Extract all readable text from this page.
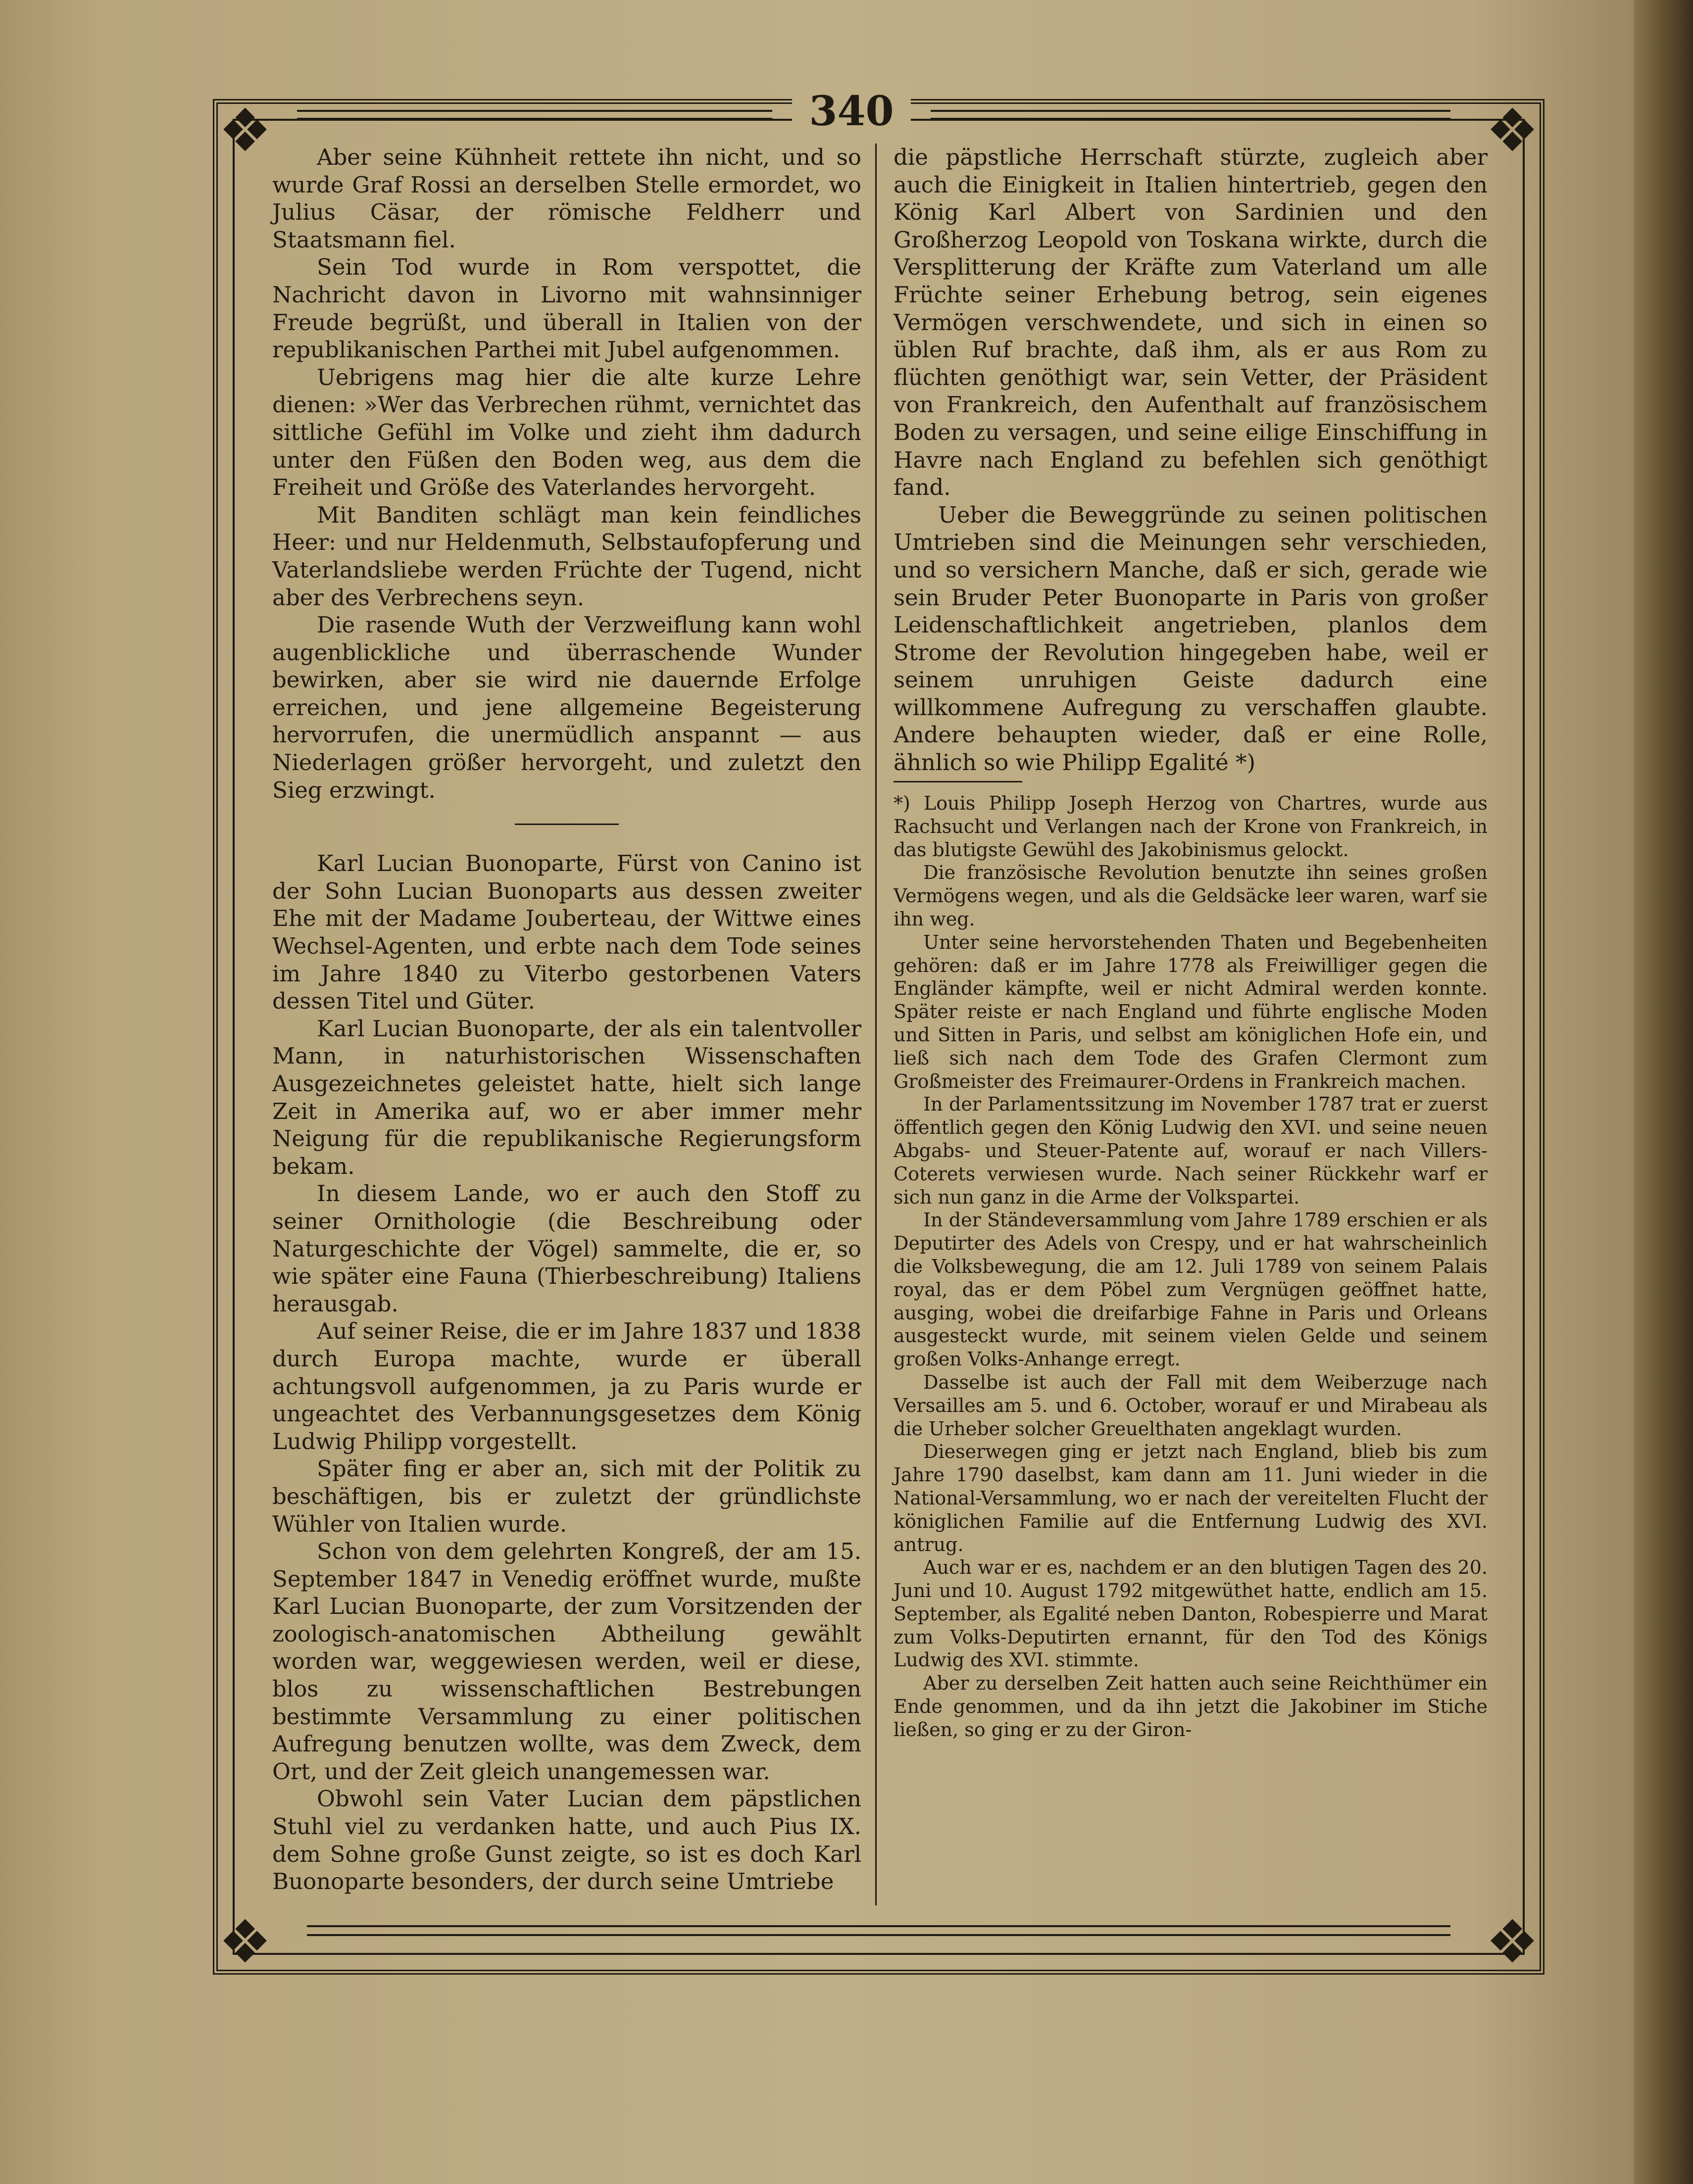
❖	❖
❖	❖
340

Aber seine Kühnheit rettete ihn nicht, und so wurde Graf Rossi an derselben Stelle ermordet, wo Julius Cäsar, der römische Feldherr und Staatsmann fiel.

Sein Tod wurde in Rom verspottet, die Nachricht davon in Livorno mit wahnsinniger Freude begrüßt, und überall in Italien von der republikanischen Parthei mit Jubel aufgenommen.

Uebrigens mag hier die alte kurze Lehre dienen: »Wer das Verbrechen rühmt, vernichtet das sittliche Gefühl im Volke und zieht ihm dadurch unter den Füßen den Boden weg, aus dem die Freiheit und Größe des Vaterlandes hervorgeht.

Mit Banditen schlägt man kein feindliches Heer: und nur Heldenmuth, Selbstaufopferung und Vaterlandsliebe werden Früchte der Tugend, nicht aber des Verbrechens seyn.

Die rasende Wuth der Verzweiflung kann wohl augenblickliche und überraschende Wunder bewirken, aber sie wird nie dauernde Erfolge erreichen, und jene allgemeine Begeisterung hervorrufen, die unermüdlich anspannt — aus Niederlagen größer hervorgeht, und zuletzt den Sieg erzwingt.

Karl Lucian Buonoparte, Fürst von Canino ist der Sohn Lucian Buonoparts aus dessen zweiter Ehe mit der Madame Jouberteau, der Wittwe eines Wechsel-Agenten, und erbte nach dem Tode seines im Jahre 1840 zu Viterbo gestorbenen Vaters dessen Titel und Güter.

Karl Lucian Buonoparte, der als ein talentvoller Mann, in naturhistorischen Wissenschaften Ausgezeichnetes geleistet hatte, hielt sich lange Zeit in Amerika auf, wo er aber immer mehr Neigung für die republikanische Regierungsform bekam.

In diesem Lande, wo er auch den Stoff zu seiner Ornithologie (die Beschreibung oder Naturgeschichte der Vögel) sammelte, die er, so wie später eine Fauna (Thierbeschreibung) Italiens herausgab.

Auf seiner Reise, die er im Jahre 1837 und 1838 durch Europa machte, wurde er überall achtungsvoll aufgenommen, ja zu Paris wurde er ungeachtet des Verbannungsgesetzes dem König Ludwig Philipp vorgestellt.

Später fing er aber an, sich mit der Politik zu beschäftigen, bis er zuletzt der gründlichste Wühler von Italien wurde.

Schon von dem gelehrten Kongreß, der am 15. September 1847 in Venedig eröffnet wurde, mußte Karl Lucian Buonoparte, der zum Vorsitzenden der zoologisch-anatomischen Abtheilung gewählt worden war, weggewiesen werden, weil er diese, blos zu wissenschaftlichen Bestrebungen bestimmte Versammlung zu einer politischen Aufregung benutzen wollte, was dem Zweck, dem Ort, und der Zeit gleich unangemessen war.

Obwohl sein Vater Lucian dem päpstlichen Stuhl viel zu verdanken hatte, und auch Pius IX. dem Sohne große Gunst zeigte, so ist es doch Karl Buonoparte besonders, der durch seine Umtriebe

die päpstliche Herrschaft stürzte, zugleich aber auch die Einigkeit in Italien hintertrieb, gegen den König Karl Albert von Sardinien und den Großherzog Leopold von Toskana wirkte, durch die Versplitterung der Kräfte zum Vaterland um alle Früchte seiner Erhebung betrog, sein eigenes Vermögen verschwendete, und sich in einen so üblen Ruf brachte, daß ihm, als er aus Rom zu flüchten genöthigt war, sein Vetter, der Präsident von Frankreich, den Aufenthalt auf französischem Boden zu versagen, und seine eilige Einschiffung in Havre nach England zu befehlen sich genöthigt fand.

Ueber die Beweggründe zu seinen politischen Umtrieben sind die Meinungen sehr verschieden, und so versichern Manche, daß er sich, gerade wie sein Bruder Peter Buonoparte in Paris von großer Leidenschaftlichkeit angetrieben, planlos dem Strome der Revolution hingegeben habe, weil er seinem unruhigen Geiste dadurch eine willkommene Aufregung zu verschaffen glaubte. Andere behaupten wieder, daß er eine Rolle, ähnlich so wie Philipp Egalité *)

*) Louis Philipp Joseph Herzog von Chartres, wurde aus Rachsucht und Verlangen nach der Krone von Frankreich, in das blutigste Gewühl des Jakobinismus gelockt.

Die französische Revolution benutzte ihn seines großen Vermögens wegen, und als die Geldsäcke leer waren, warf sie ihn weg.

Unter seine hervorstehenden Thaten und Begebenheiten gehören: daß er im Jahre 1778 als Freiwilliger gegen die Engländer kämpfte, weil er nicht Admiral werden konnte. Später reiste er nach England und führte englische Moden und Sitten in Paris, und selbst am königlichen Hofe ein, und ließ sich nach dem Tode des Grafen Clermont zum Großmeister des Freimaurer-Ordens in Frankreich machen.

In der Parlamentssitzung im November 1787 trat er zuerst öffentlich gegen den König Ludwig den XVI. und seine neuen Abgabs- und Steuer-Patente auf, worauf er nach Villers-Coterets verwiesen wurde. Nach seiner Rückkehr warf er sich nun ganz in die Arme der Volkspartei.

In der Ständeversammlung vom Jahre 1789 erschien er als Deputirter des Adels von Crespy, und er hat wahrscheinlich die Volksbewegung, die am 12. Juli 1789 von seinem Palais royal, das er dem Pöbel zum Vergnügen geöffnet hatte, ausging, wobei die dreifarbige Fahne in Paris und Orleans ausgesteckt wurde, mit seinem vielen Gelde und seinem großen Volks-Anhange erregt.

Dasselbe ist auch der Fall mit dem Weiberzuge nach Versailles am 5. und 6. October, worauf er und Mirabeau als die Urheber solcher Greuelthaten angeklagt wurden.

Dieserwegen ging er jetzt nach England, blieb bis zum Jahre 1790 daselbst, kam dann am 11. Juni wieder in die National-Versammlung, wo er nach der vereitelten Flucht der königlichen Familie auf die Entfernung Ludwig des XVI. antrug.

Auch war er es, nachdem er an den blutigen Tagen des 20. Juni und 10. August 1792 mitgewüthet hatte, endlich am 15. September, als Egalité neben Danton, Robespierre und Marat zum Volks-Deputirten ernannt, für den Tod des Königs Ludwig des XVI. stimmte.

Aber zu derselben Zeit hatten auch seine Reichthümer ein Ende genommen, und da ihn jetzt die Jakobiner im Stiche ließen, so ging er zu der Giron-
